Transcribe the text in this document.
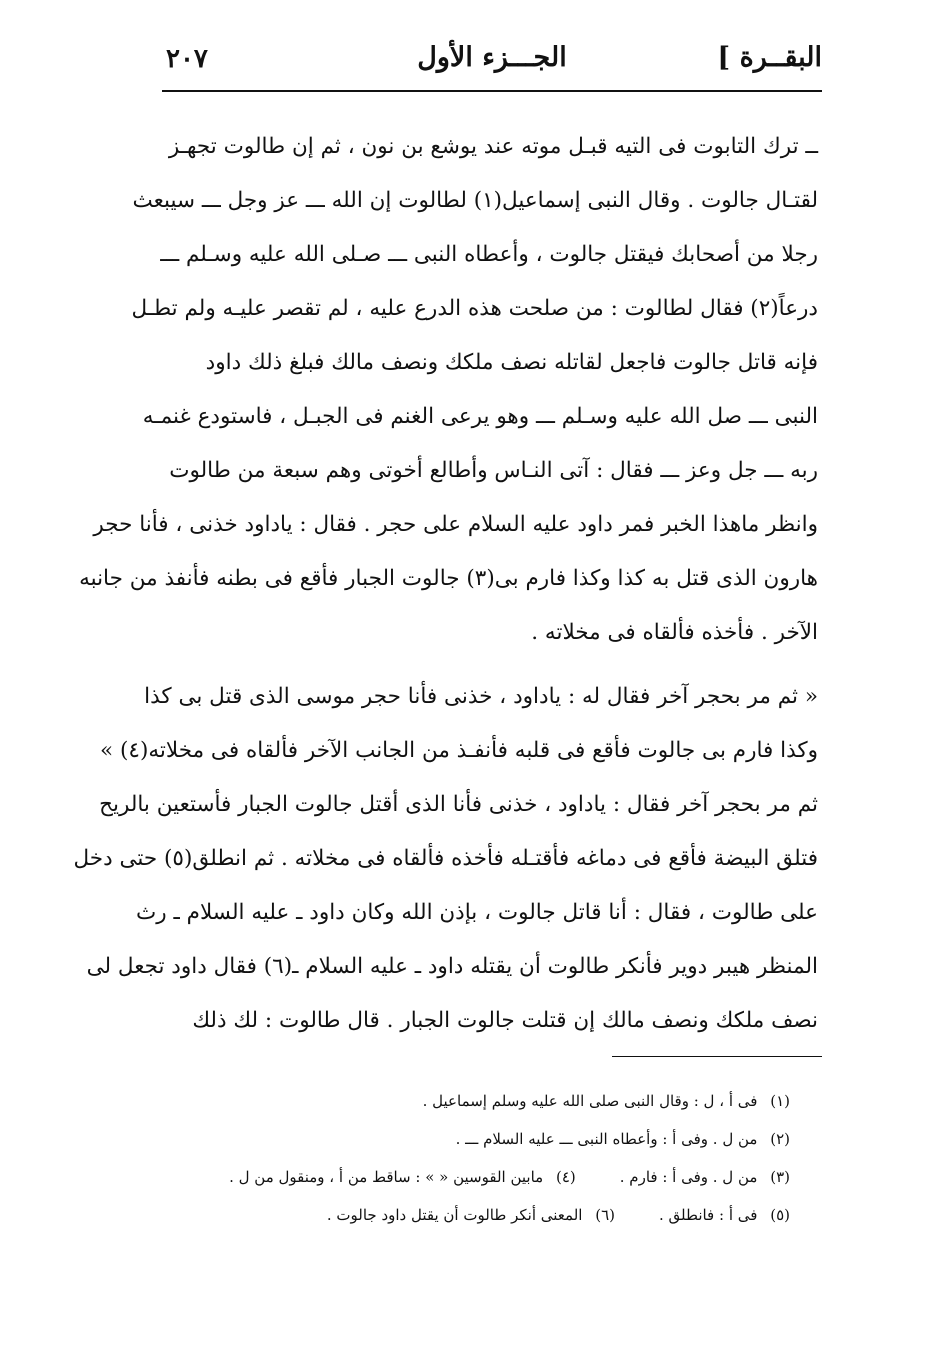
البقــرة ]
الجـــزء الأول
٢٠٧
ــ ترك التابوت فى التيه قبـل موته عند يوشع بن نون ، ثم إن طالوت تجهـز
لقتـال جالوت . وقال النبى إسماعيل(١) لطالوت إن الله ـــ عز وجل ـــ سيبعث
رجلا من أصحابك فيقتل جالوت ، وأعطاه النبى ـــ صـلى الله عليه وسـلم ـــ
درعاً(٢) فقال لطالوت : من صلحت هذه الدرع عليه ، لم تقصر عليـه ولم تطـل
فإنه قاتل جالوت فاجعل لقاتله نصف ملكك ونصف مالك فبلغ ذلك داود
النبى ـــ صل الله عليه وسـلم ـــ وهو يرعى الغنم فى الجبـل ، فاستودع غنمـه
ربه ـــ جل وعز ـــ فقال : آتى النـاس وأطالع أخوتى وهم سبعة من طالوت
وانظر ماهذا الخبر فمر داود عليه السلام على حجر . فقال : ياداود خذنى ، فأنا حجر
هارون الذى قتل به كذا وكذا فارم بى(٣) جالوت الجبار فأقع فى بطنه فأنفذ من جانبه
الآخر . فأخذه فألقاه فى مخلاته .
« ثم مر بحجر آخر فقال له : ياداود ، خذنى فأنا حجر موسى الذى قتل بى كذا
وكذا فارم بى جالوت فأقع فى قلبه فأنفـذ من الجانب الآخر فألقاه فى مخلاته(٤) »
ثم مر بحجر آخر فقال : ياداود ، خذنى فأنا الذى أقتل جالوت الجبار فأستعين بالريح
فتلق البيضة فأقع فى دماغه فأقتـله فأخذه فألقاه فى مخلاته . ثم انطلق(٥) حتى دخل
على طالوت ، فقال : أنا قاتل جالوت ، بإذن الله وكان داود ـ عليه السلام ـ رث
المنظر هيبر دوير فأنكر طالوت أن يقتله داود ـ عليه السلام ـ(٦) فقال داود تجعل لى
نصف ملكك ونصف مالك إن قتلت جالوت الجبار . قال طالوت : لك ذلك
(١) فى أ ، ل : وقال النبى صلى الله عليه وسلم إسماعيل .
(٢) من ل . وفى أ : وأعطاه النبى ـــ عليه السلام ـــ .
(٣) من ل . وفى أ : فارم .
(٤) مابين القوسين « » : ساقط من أ ، ومنقول من ل .
(٥) فى أ : فانطلق .
(٦) المعنى أنكر طالوت أن يقتل داود جالوت .
